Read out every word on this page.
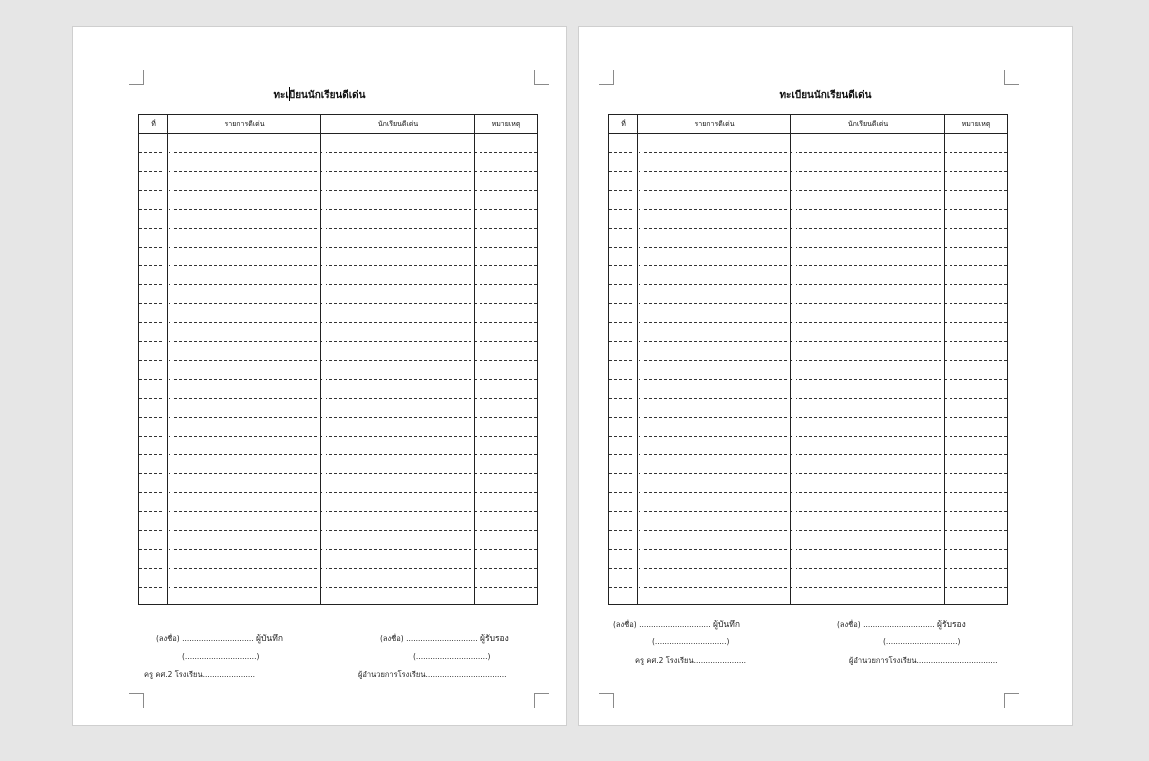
ทะเบียนนักเรียนดีเด่น
ที่	รายการดีเด่น	นักเรียนดีเด่น	หมายเหตุ
(ลงชื่อ) .............................. ผู้บันทึก
(..............................)
ครู คศ.2 โรงเรียน......................
(ลงชื่อ) .............................. ผู้รับรอง
(..............................)
ผู้อำนวยการโรงเรียน..................................
ทะเบียนนักเรียนดีเด่น
ที่	รายการดีเด่น	นักเรียนดีเด่น	หมายเหตุ
(ลงชื่อ) .............................. ผู้บันทึก
(..............................)
ครู คศ.2 โรงเรียน......................
(ลงชื่อ) .............................. ผู้รับรอง
(..............................)
ผู้อำนวยการโรงเรียน..................................
